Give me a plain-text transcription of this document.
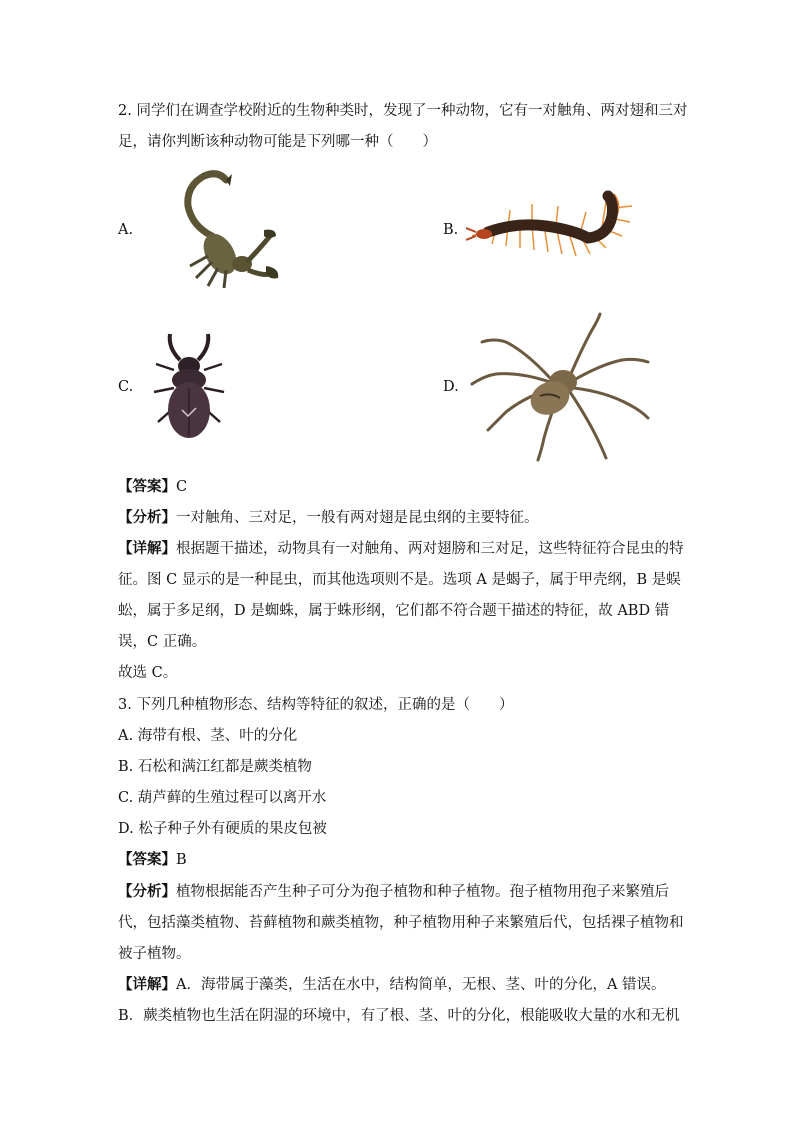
2. 同学们在调查学校附近的生物种类时，发现了一种动物，它有一对触角、两对翅和三对
足，请你判断该种动物可能是下列哪一种（　　）
A.	B.
C.	D.
【答案】C
【分析】一对触角、三对足，一般有两对翅是昆虫纲的主要特征。
【详解】根据题干描述，动物具有一对触角、两对翅膀和三对足，这些特征符合昆虫的特
征。图 C 显示的是一种昆虫，而其他选项则不是。选项 A 是蝎子，属于甲壳纲，B 是蜈
蚣，属于多足纲，D 是蜘蛛，属于蛛形纲，它们都不符合题干描述的特征，故 ABD 错
误，C 正确。
故选 C。
3. 下列几种植物形态、结构等特征的叙述，正确的是（　　）
A. 海带有根、茎、叶的分化
B. 石松和满江红都是蕨类植物
C. 葫芦藓的生殖过程可以离开水
D. 松子种子外有硬质的果皮包被
【答案】B
【分析】植物根据能否产生种子可分为孢子植物和种子植物。孢子植物用孢子来繁殖后
代，包括藻类植物、苔藓植物和蕨类植物，种子植物用种子来繁殖后代，包括裸子植物和
被子植物。
【详解】A．海带属于藻类，生活在水中，结构简单，无根、茎、叶的分化，A 错误。
B．蕨类植物也生活在阴湿的环境中，有了根、茎、叶的分化，根能吸收大量的水和无机
